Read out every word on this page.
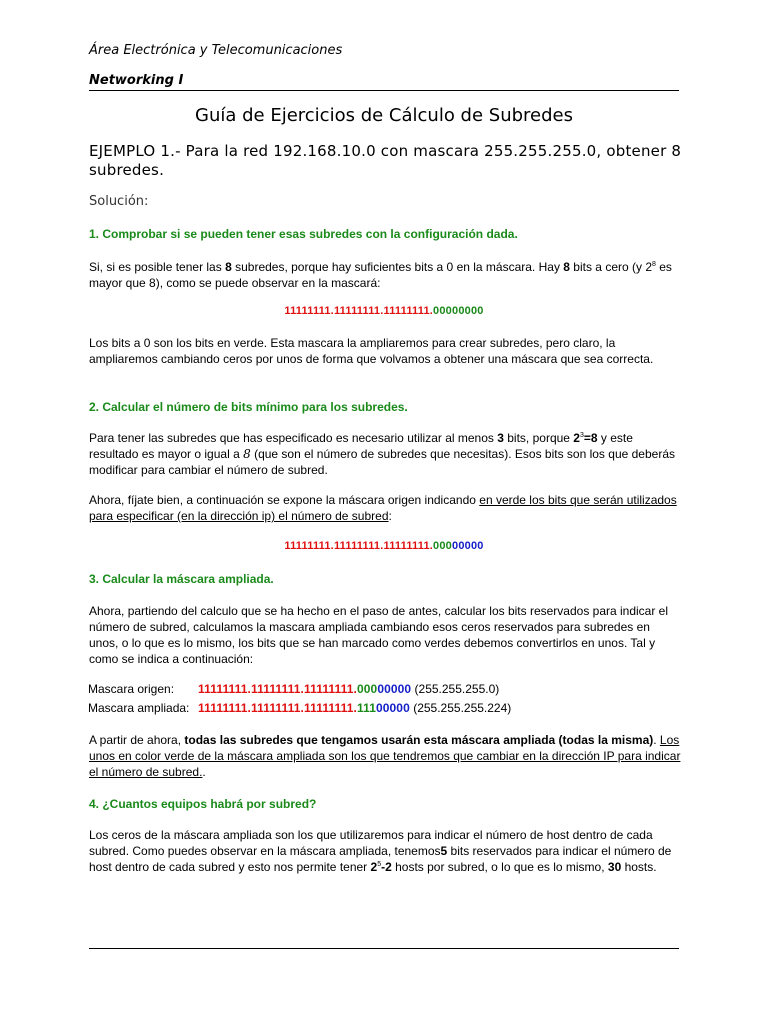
Área Electrónica y Telecomunicaciones
Networking I
Guía de Ejercicios de Cálculo de Subredes
EJEMPLO 1.- Para la red 192.168.10.0 con mascara 255.255.255.0, obtener 8 subredes.
Solución:
1. Comprobar si se pueden tener esas subredes con la configuración dada.
Si, si es posible tener las 8 subredes, porque hay suficientes bits a 0 en la máscara. Hay 8 bits a cero (y $2^8$ es mayor que 8), como se puede observar en la mascará:
11111111.11111111.11111111.00000000
Los bits a 0 son los bits en verde. Esta mascara la ampliaremos para crear subredes, pero claro, la ampliaremos cambiando ceros por unos de forma que volvamos a obtener una máscara que sea correcta.
2. Calcular el número de bits mínimo para los subredes.
Para tener las subredes que has especificado es necesario utilizar al menos 3 bits, porque $2^3=8$ y este resultado es mayor o igual a 8 (que son el número de subredes que necesitas). Esos bits son los que deberás modificar para cambiar el número de subred.
Ahora, fíjate bien, a continuación se expone la máscara origen indicando en verde los bits que serán utilizados para especificar (en la dirección ip) el número de subred:
11111111.11111111.11111111.00000000
3. Calcular la máscara ampliada.
Ahora, partiendo del calculo que se ha hecho en el paso de antes, calcular los bits reservados para indicar el número de subred, calculamos la mascara ampliada cambiando esos ceros reservados para subredes en unos, o lo que es lo mismo, los bits que se han marcado como verdes debemos convertirlos en unos. Tal y como se indica a continuación:
Mascara origen: 11111111.11111111.11111111.00000000 (255.255.255.0)
Mascara ampliada: 11111111.11111111.11111111.11100000 (255.255.255.224)
A partir de ahora, todas las subredes que tengamos usarán esta máscara ampliada (todas la misma). Los unos en color verde de la máscara ampliada son los que tendremos que cambiar en la dirección IP para indicar el número de subred..
4. ¿Cuantos equipos habrá por subred?
Los ceros de la máscara ampliada son los que utilizaremos para indicar el número de host dentro de cada subred. Como puedes observar en la máscara ampliada, tenemos5 bits reservados para indicar el número de host dentro de cada subred y esto nos permite tener $2^5-2$ hosts por subred, o lo que es lo mismo, 30 hosts.
